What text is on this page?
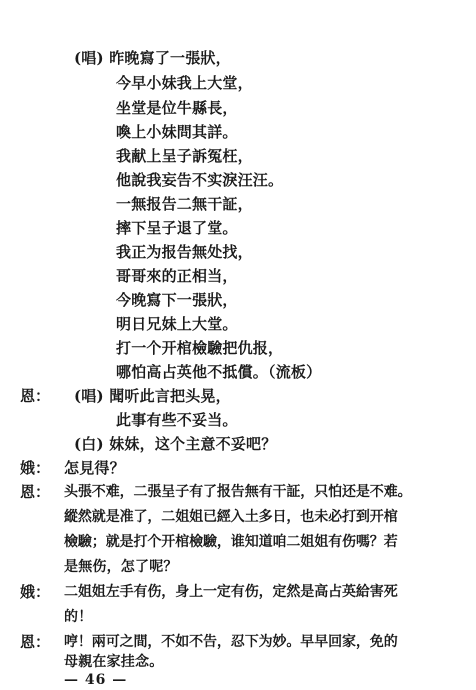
(唱) 昨晚寫了一張狀，
今早小妹我上大堂，
坐堂是位牛縣長，
喚上小妹問其詳。
我献上呈子訴冤枉，
他說我妄告不实淚汪汪。
一無报告二無干証，
摔下呈子退了堂。
我正为报告無处找，
哥哥來的正相当，
今晚寫下一張狀，
明日兄妹上大堂。
打一个开棺檢驗把仇报，
哪怕高占英他不抵償。（流板）
恩： (唱) 聞听此言把头晃，
此事有些不妥当。
(白) 妹妹，这个主意不妥吧？
娥： 怎見得？
恩： 头張不难，二張呈子有了报告無有干証，只怕还是不难。
縱然就是准了，二姐姐已經入土多日，也未必打到开棺
檢驗；就是打个开棺檢驗，谁知道咱二姐姐有伤嗎？若
是無伤，怎了呢？
娥： 二姐姐左手有伤，身上一定有伤，定然是高占英給害死
的！
恩： 哼！兩可之間，不如不告，忍下为妙。早早回家，免的
母親在家挂念。
— 46 —
